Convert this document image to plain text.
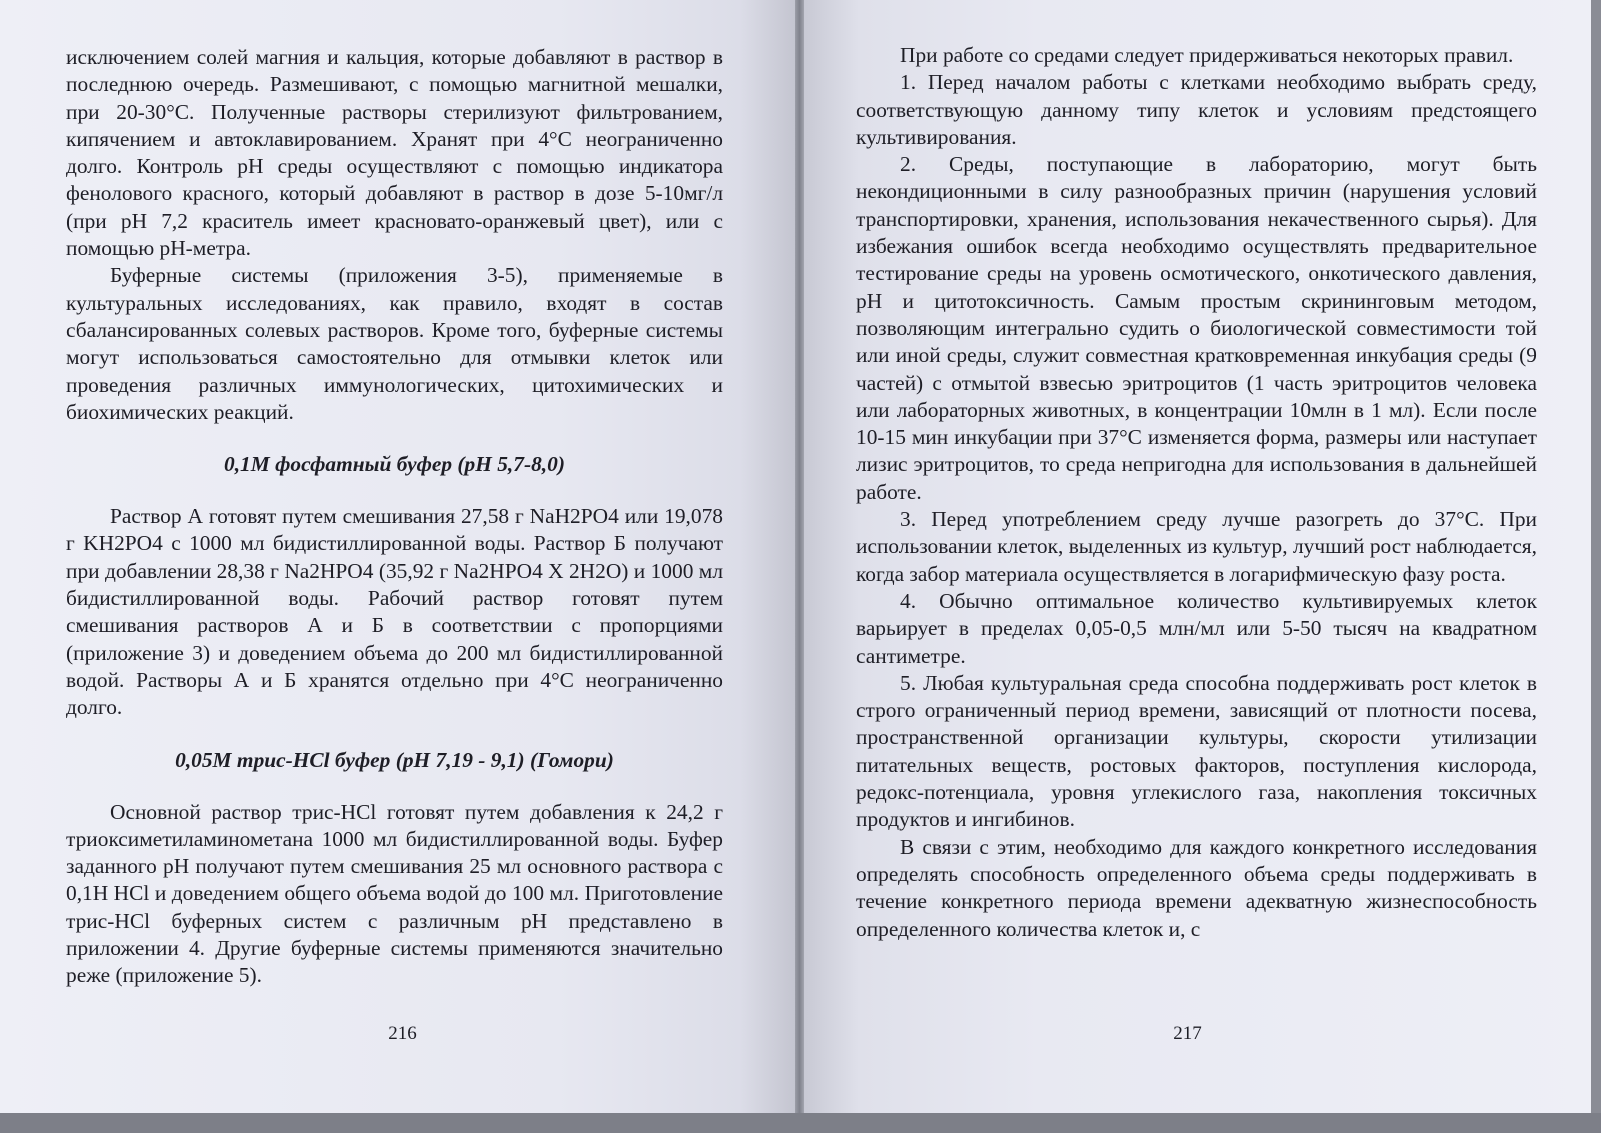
исключением солей магния и кальция, которые добавляют в раствор в последнюю очередь. Размешивают, с помощью магнитной мешалки, при 20-30°С. Полученные растворы стерилизуют фильтрованием, кипячением и автоклавированием. Хранят при 4°С неограниченно долго. Контроль рН среды осуществляют с помощью индикатора фенолового красного, который добавляют в раствор в дозе 5-10мг/л (при рН 7,2 краситель имеет красновато-оранжевый цвет), или с помощью рН-метра.

Буферные системы (приложения 3-5), применяемые в культуральных исследованиях, как правило, входят в состав сбалансированных солевых растворов. Кроме того, буферные системы могут использоваться самостоятельно для отмывки клеток или проведения различных иммунологических, цитохимических и биохимических реакций.

0,1М фосфатный буфер (рН 5,7-8,0)

Раствор А готовят путем смешивания 27,58 г NaH2PO4 или 19,078 г KH2PO4 с 1000 мл бидистиллированной воды. Раствор Б получают при добавлении 28,38 г Na2HPO4 (35,92 г Na2HPO4 Х 2H2O) и 1000 мл бидистиллированной воды. Рабочий раствор готовят путем смешивания растворов А и Б в соответствии с пропорциями (приложение 3) и доведением объема до 200 мл бидистиллированной водой. Растворы А и Б хранятся отдельно при 4°С неограниченно долго.

0,05М трис-HCl буфер (рН 7,19 - 9,1) (Гомори)

Основной раствор трис-HCl готовят путем добавления к 24,2 г триоксиметиламинометана 1000 мл бидистиллированной воды. Буфер заданного рН получают путем смешивания 25 мл основного раствора с 0,1Н HCl и доведением общего объема водой до 100 мл. Приготовление трис-HCl буферных систем с различным рН представлено в приложении 4. Другие буферные системы применяются значительно реже (приложение 5).

216

При работе со средами следует придерживаться некоторых правил.

1. Перед началом работы с клетками необходимо выбрать среду, соответствующую данному типу клеток и условиям предстоящего культивирования.

2. Среды, поступающие в лабораторию, могут быть некондиционными в силу разнообразных причин (нарушения условий транспортировки, хранения, использования некачественного сырья). Для избежания ошибок всегда необходимо осуществлять предварительное тестирование среды на уровень осмотического, онкотического давления, рН и цитотоксичность. Самым простым скрининговым методом, позволяющим интегрально судить о биологической совместимости той или иной среды, служит совместная кратковременная инкубация среды (9 частей) с отмытой взвесью эритроцитов (1 часть эритроцитов человека или лабораторных животных, в концентрации 10млн в 1 мл). Если после 10-15 мин инкубации при 37°С изменяется форма, размеры или наступает лизис эритроцитов, то среда непригодна для использования в дальнейшей работе.

3. Перед употреблением среду лучше разогреть до 37°С. При использовании клеток, выделенных из культур, лучший рост наблюдается, когда забор материала осуществляется в логарифмическую фазу роста.

4. Обычно оптимальное количество культивируемых клеток варьирует в пределах 0,05-0,5 млн/мл или 5-50 тысяч на квадратном сантиметре.

5. Любая культуральная среда способна поддерживать рост клеток в строго ограниченный период времени, зависящий от плотности посева, пространственной организации культуры, скорости утилизации питательных веществ, ростовых факторов, поступления кислорода, редокс-потенциала, уровня углекислого газа, накопления токсичных продуктов и ингибинов.

В связи с этим, необходимо для каждого конкретного исследования определять способность определенного объема среды поддерживать в течение конкретного периода времени адекватную жизнеспособность определенного количества клеток и, с

217
